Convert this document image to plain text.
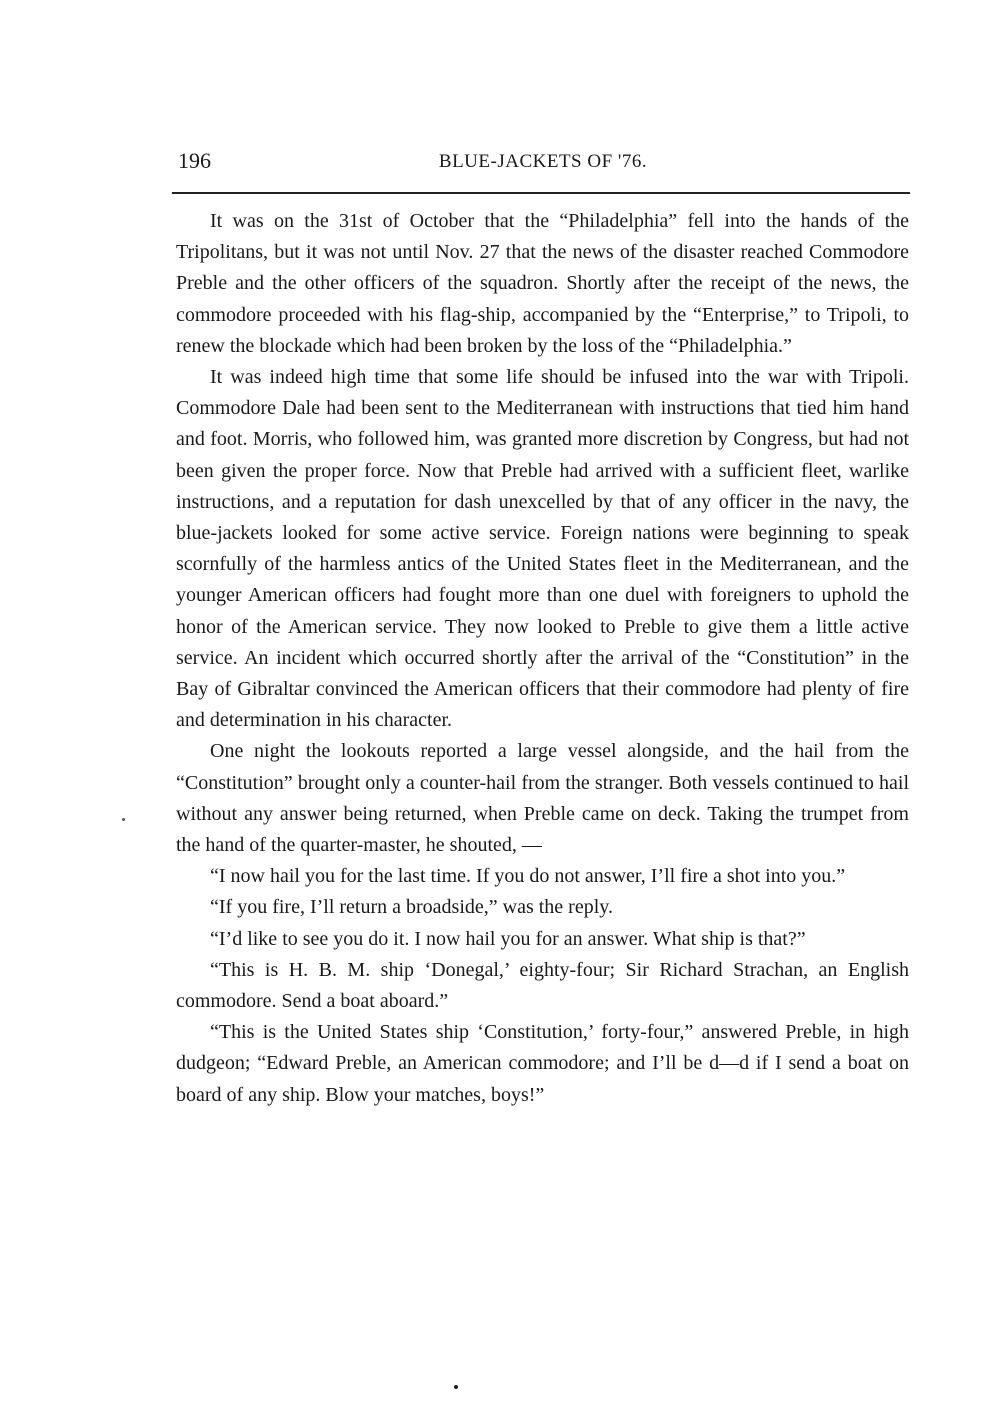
196	BLUE-JACKETS OF '76.

It was on the 31st of October that the “Philadelphia” fell into the hands of the Tripolitans, but it was not until Nov. 27 that the news of the disaster reached Commodore Preble and the other officers of the squadron. Shortly after the receipt of the news, the commodore proceeded with his flag-ship, accompanied by the “Enterprise,” to Tripoli, to renew the blockade which had been broken by the loss of the “Philadelphia.”

It was indeed high time that some life should be infused into the war with Tripoli. Commodore Dale had been sent to the Mediterranean with instructions that tied him hand and foot. Morris, who followed him, was granted more discretion by Congress, but had not been given the proper force. Now that Preble had arrived with a sufficient fleet, warlike instructions, and a reputation for dash unexcelled by that of any officer in the navy, the blue-jackets looked for some active service. Foreign nations were beginning to speak scornfully of the harmless antics of the United States fleet in the Mediterranean, and the younger American officers had fought more than one duel with foreigners to uphold the honor of the American service. They now looked to Preble to give them a little active service. An incident which occurred shortly after the arrival of the “Constitution” in the Bay of Gibraltar convinced the American officers that their commodore had plenty of fire and determination in his character.

One night the lookouts reported a large vessel alongside, and the hail from the “Constitution” brought only a counter-hail from the stranger. Both vessels continued to hail without any answer being returned, when Preble came on deck. Taking the trumpet from the hand of the quarter-master, he shouted, —

“I now hail you for the last time. If you do not answer, I’ll fire a shot into you.”

“If you fire, I’ll return a broadside,” was the reply.

“I’d like to see you do it. I now hail you for an answer. What ship is that?”

“This is H. B. M. ship ‘Donegal,’ eighty-four; Sir Richard Strachan, an English commodore. Send a boat aboard.”

“This is the United States ship ‘Constitution,’ forty-four,” answered Preble, in high dudgeon; “Edward Preble, an American commodore; and I’ll be d—d if I send a boat on board of any ship. Blow your matches, boys!”
